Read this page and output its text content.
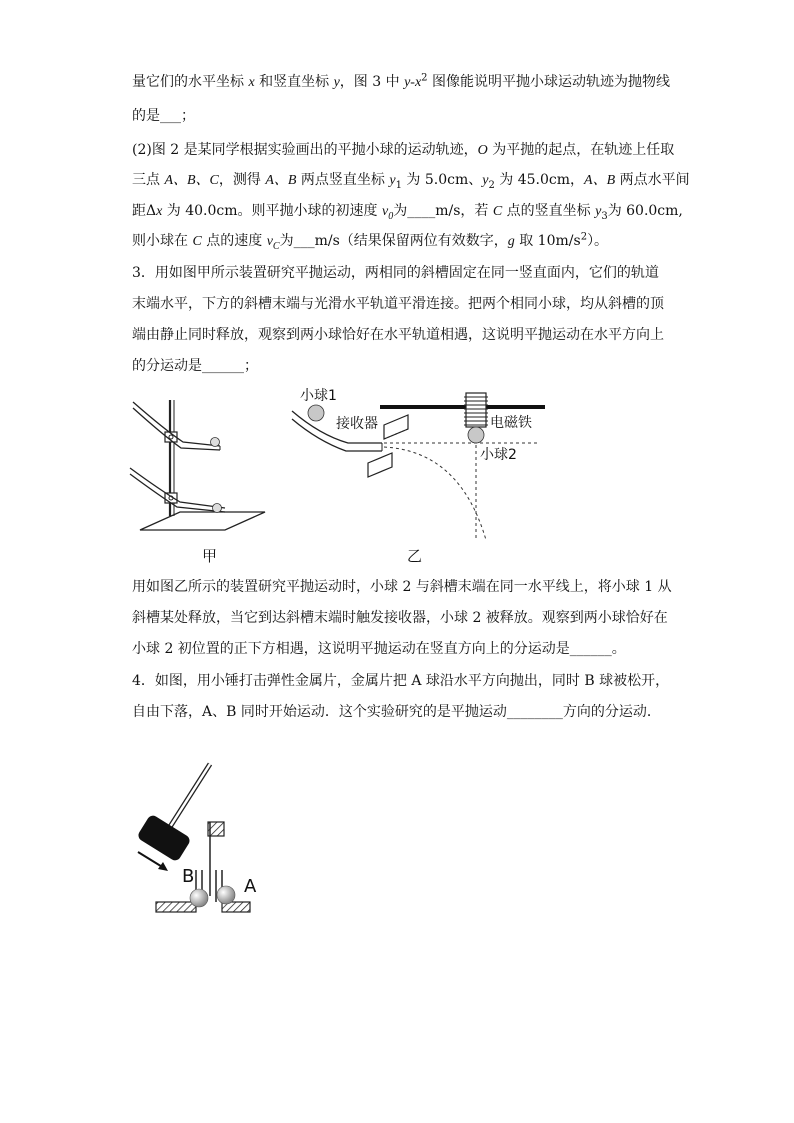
量它们的水平坐标 x 和竖直坐标 y，图 3 中 $y-x^2$ 图像能说明平抛小球运动轨迹为抛物线
的是___；
(2)图 2 是某同学根据实验画出的平抛小球的运动轨迹，O 为平抛的起点，在轨迹上任取
三点 A、B、C，测得 A、B 两点竖直坐标 $y_1$ 为 5.0cm、$y_2$ 为 45.0cm，A、B 两点水平间
距Δx 为 40.0cm。则平抛小球的初速度 $v_0$为____m/s，若 C 点的竖直坐标 $y_3$为 60.0cm,
则小球在 C 点的速度 $v_C$为___m/s（结果保留两位有效数字，g 取 $10m/s^2$）。
3．用如图甲所示装置研究平抛运动，两相同的斜槽固定在同一竖直面内，它们的轨道
末端水平，下方的斜槽末端与光滑水平轨道平滑连接。把两个相同小球，均从斜槽的顶
端由静止同时释放，观察到两小球恰好在水平轨道相遇，这说明平抛运动在水平方向上
的分运动是______；
甲
小球1
接收器	电磁铁
小球2
乙
用如图乙所示的装置研究平抛运动时，小球 2 与斜槽末端在同一水平线上，将小球 1 从
斜槽某处释放，当它到达斜槽末端时触发接收器，小球 2 被释放。观察到两小球恰好在
小球 2 初位置的正下方相遇，这说明平抛运动在竖直方向上的分运动是______。
4．如图，用小锤打击弹性金属片，金属片把 A 球沿水平方向抛出，同时 B 球被松开，
自由下落，A、B 同时开始运动．这个实验研究的是平抛运动________方向的分运动．
B	A
